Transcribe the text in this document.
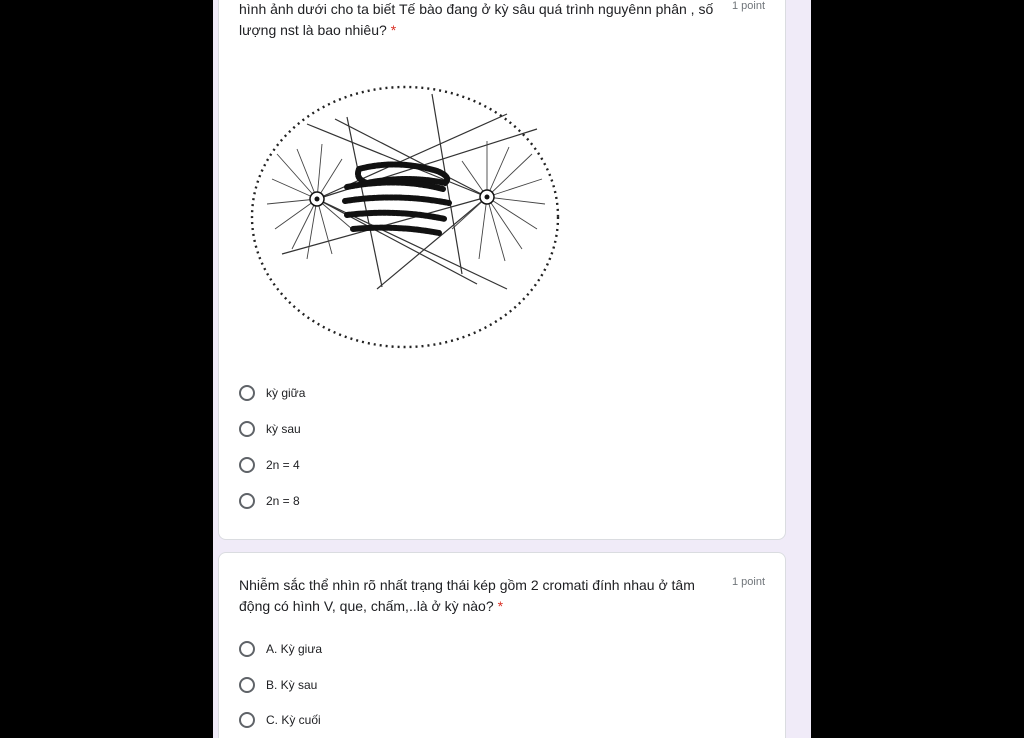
hình ảnh dưới cho ta biết Tế bào đang ở kỳ sâu quá trình nguyênn phân , số lượng nst là bao nhiêu? *
1 point
kỳ giữa
kỳ sau
2n = 4
2n = 8
Nhiễm sắc thể nhìn rõ nhất trạng thái kép gồm 2 cromati đính nhau ở tâm động có hình V, que, chấm,..là ở kỳ nào? *
1 point
A. Kỳ giưa
B. Kỳ sau
C. Kỳ cuối
